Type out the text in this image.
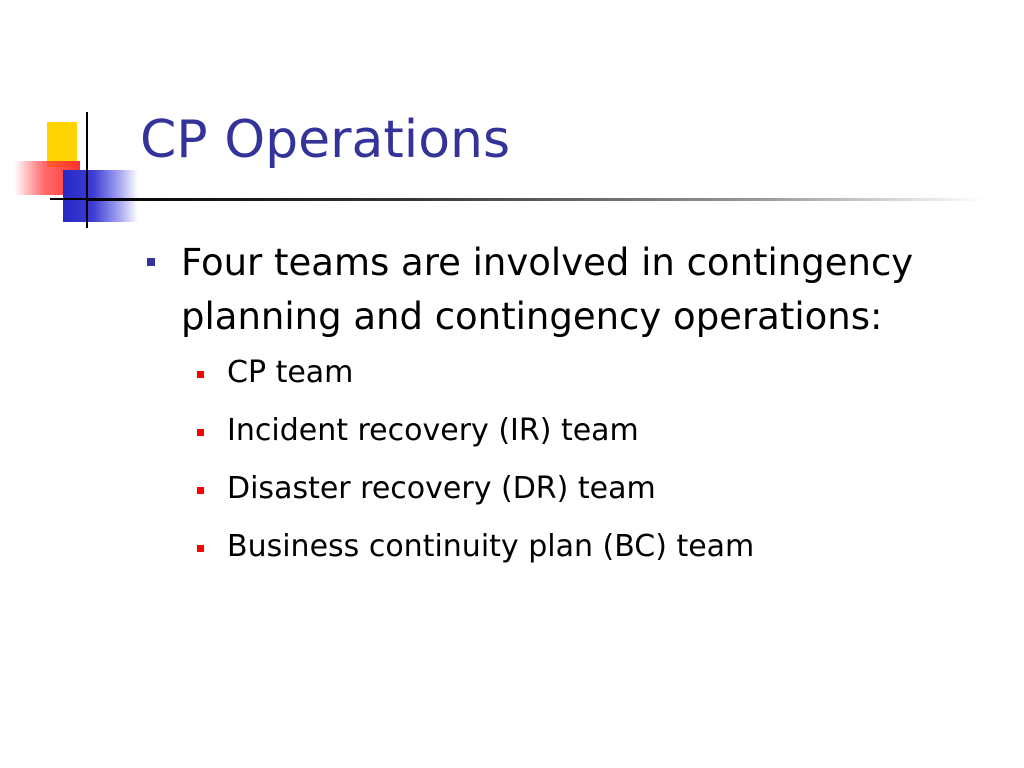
CP Operations
Four teams are involved in contingency planning and contingency operations:
CP team
Incident recovery (IR) team
Disaster recovery (DR) team
Business continuity plan (BC) team
